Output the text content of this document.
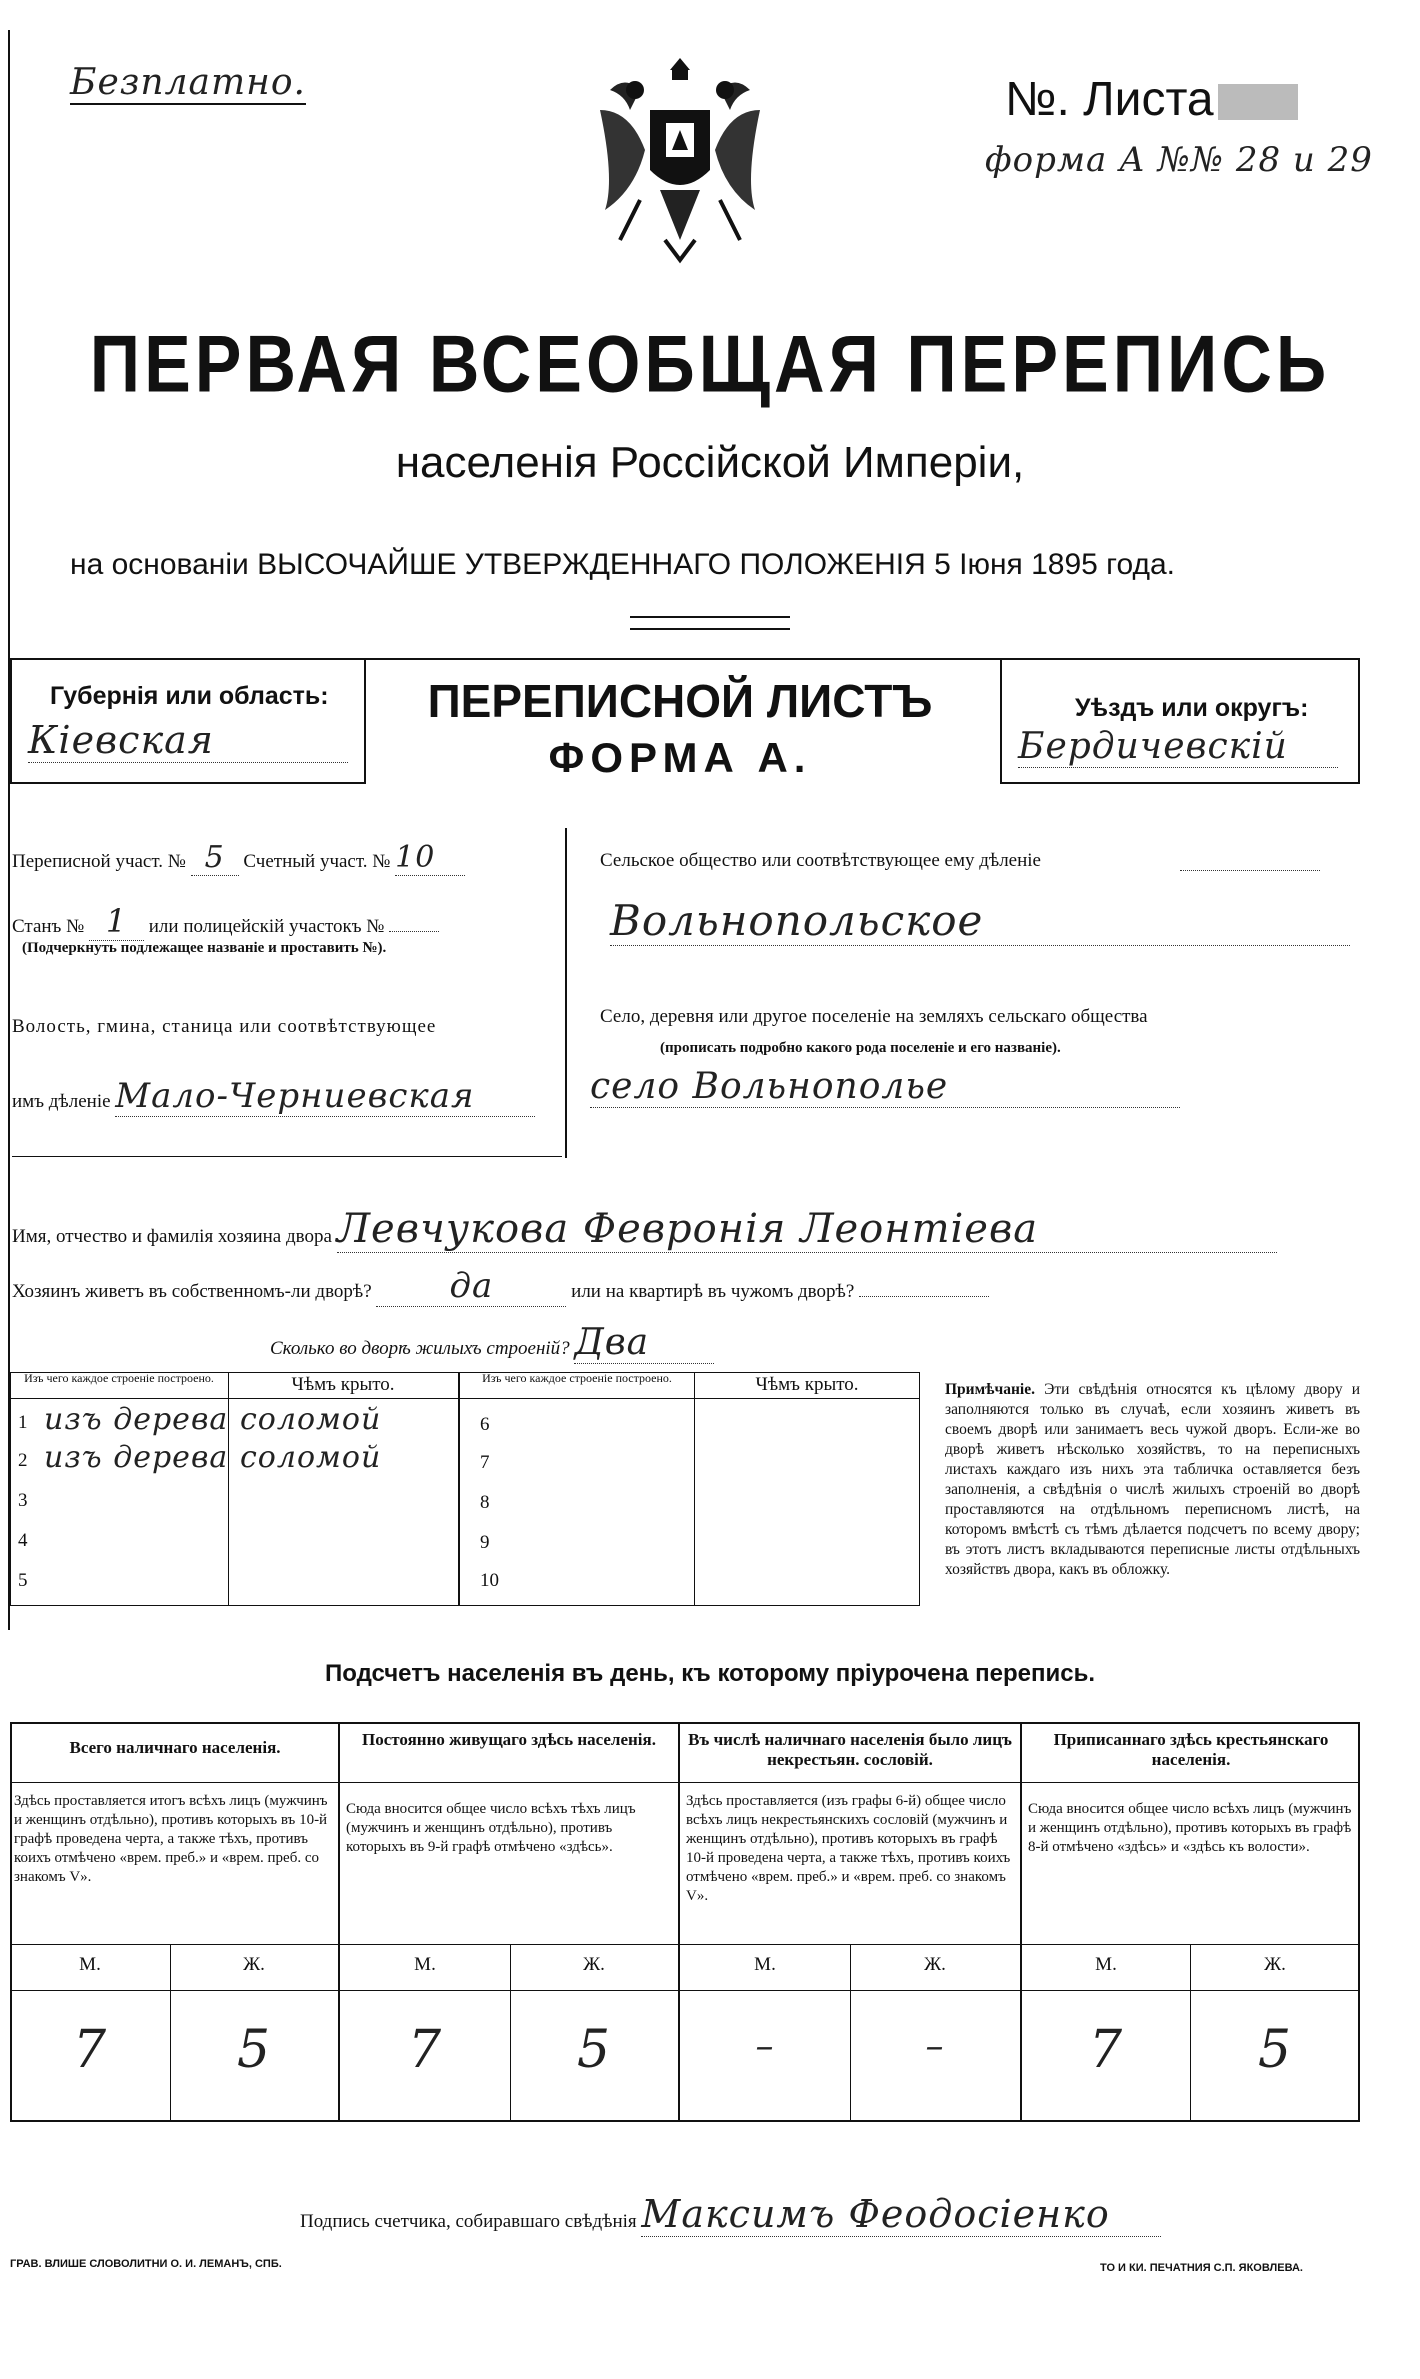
Безплатно.	№. Листа
форма А №№ 28 и 29
ПЕРВАЯ ВСЕОБЩАЯ ПЕРЕПИСЬ
населенія Россійской Имперіи,
на основаніи ВЫСОЧАЙШЕ УТВЕРЖДЕННАГО ПОЛОЖЕНІЯ 5 Іюня 1895 года.
Губернія или область:
Кіевская
ПЕРЕПИСНОЙ ЛИСТЪ
ФОРМА А.
Уѣздъ или округъ:
Бердичевскій
Переписной участ. № 5 Счетный участ. № 10
Станъ № 1 или полицейскій участокъ №
(Подчеркнуть подлежащее названіе и проставить №).
Волость, гмина, станица или соотвѣтствующее
имъ дѣленіе Мало-Черниевская
Сельское общество или соотвѣтствующее ему дѣленіе
Вольнопольское
Село, деревня или другое поселеніе на земляхъ сельскаго общества
(прописать подробно какого рода поселеніе и его названіе).
село Вольнополье
Имя, отчество и фамилія хозяина двора Левчукова Февронія Леонтіева
Хозяинъ живетъ въ собственномъ-ли дворѣ? да	или на квартирѣ въ чужомъ дворѣ?
Сколько во дворѣ жилыхъ строеній? Два
Изъ чего каждое строеніе построено.	Чѣмъ крыто.	Изъ чего каждое строеніе построено.	Чѣмъ крыто.
1 изъ дерева соломой
2 изъ дерева соломой
3
4
5
6
7
8
9
10
Примѣчаніе. Эти свѣдѣнія относятся къ цѣлому двору и заполняются только въ случаѣ, если хозяинъ живетъ въ своемъ дворѣ или занимаетъ весь чужой дворъ. Если-же во дворѣ живетъ нѣсколько хозяйствъ, то на переписныхъ листахъ каждаго изъ нихъ эта табличка оставляется безъ заполненія, а свѣдѣнія о числѣ жилыхъ строеній во дворѣ проставляются на отдѣльномъ переписномъ листѣ, на которомъ вмѣстѣ съ тѣмъ дѣлается подсчетъ по всему двору; въ этотъ листъ вкладываются переписные листы отдѣльныхъ хозяйствъ двора, какъ въ обложку.
Подсчетъ населенія въ день, къ которому пріурочена перепись.
Всего наличнаго населенія.
Здѣсь проставляется итогъ всѣхъ лицъ (мужчинъ и женщинъ отдѣльно), противъ которыхъ въ 10-й графѣ проведена черта, а также тѣхъ, противъ коихъ отмѣчено «врем. преб.» и «врем. преб. со знакомъ V».
М.	Ж.
7	5
Постоянно живущаго здѣсь населенія.
Сюда вносится общее число всѣхъ тѣхъ лицъ (мужчинъ и женщинъ отдѣльно), противъ которыхъ въ 9-й графѣ отмѣчено «здѣсь».
М.	Ж.
7	5
Въ числѣ наличнаго населенія было лицъ некрестьян. сословій.
Здѣсь проставляется (изъ графы 6-й) общее число всѣхъ лицъ некрестьянскихъ сословій (мужчинъ и женщинъ отдѣльно), противъ которыхъ въ графѣ 10-й проведена черта, а также тѣхъ, противъ коихъ отмѣчено «врем. преб.» и «врем. преб. со знакомъ V».
М.	Ж.
–	–
Приписаннаго здѣсь крестьянскаго населенія.
Сюда вносится общее число всѣхъ лицъ (мужчинъ и женщинъ отдѣльно), противъ которыхъ въ графѣ 8-й отмѣчено «здѣсь» и «здѣсь къ волости».
М.	Ж.
7	5
Подпись счетчика, собиравшаго свѣдѣнія Максимъ Феодосіенко
ГРАВ. ВЛИШЕ СЛОВОЛИТНИ О. И. ЛЕМАНЪ, СПБ.	ТО И КИ. ПЕЧАТНИЯ С.П. ЯКОВЛЕВА.
